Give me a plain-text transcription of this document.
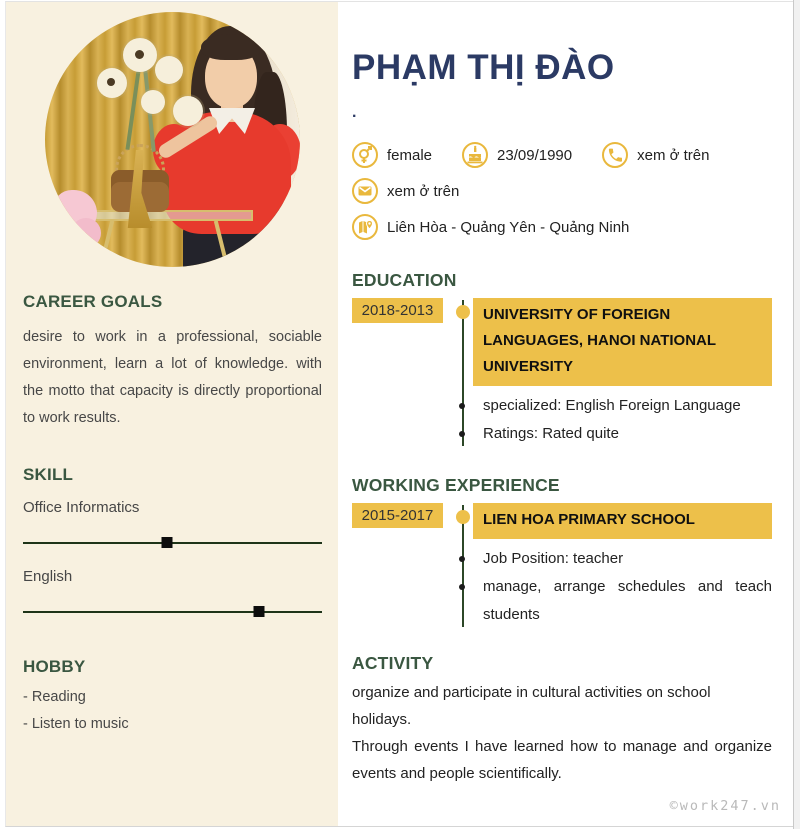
CAREER GOALS

desire to work in a professional, sociable environment, learn a lot of knowledge. with the motto that capacity is directly proportional to work results.

SKILL
Office Informatics
English
HOBBY
- Reading
- Listen to music
PHẠM THỊ ĐÀO
.
female	23/09/1990	xem ở trên
xem ở trên
Liên Hòa - Quảng Yên - Quảng Ninh
EDUCATION
2018-2013	UNIVERSITY OF FOREIGN LANGUAGES, HANOI NATIONAL UNIVERSITY
specialized: English Foreign Language
Ratings: Rated quite
WORKING EXPERIENCE
2015-2017	LIEN HOA PRIMARY SCHOOL
Job Position: teacher
manage, arrange schedules and teach students
ACTIVITY

organize and participate in cultural activities on school holidays.

Through events I have learned how to manage and organize events and people scientifically.

©work247.vn
